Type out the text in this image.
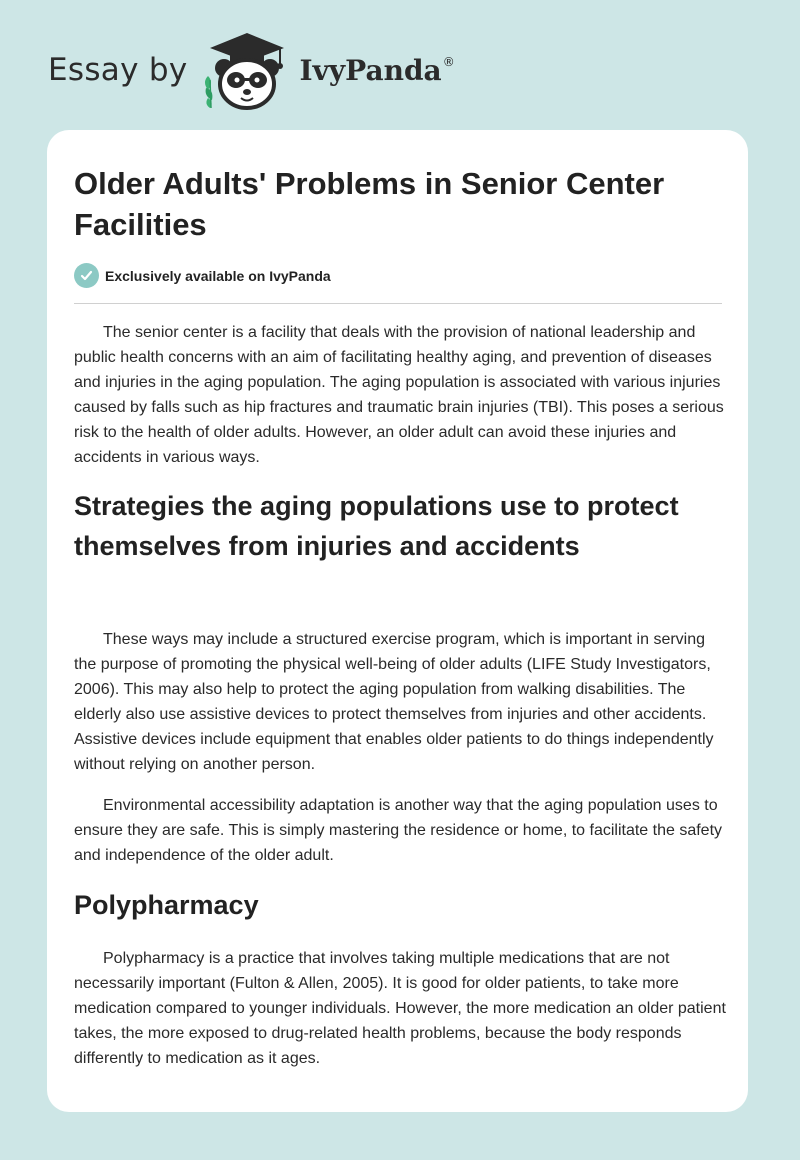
Essay by	IvyPanda ®
Older Adults' Problems in Senior Center Facilities
Exclusively available on IvyPanda

The senior center is a facility that deals with the provision of national leadership and public health concerns with an aim of facilitating healthy aging, and prevention of diseases and injuries in the aging population. The aging population is associated with various injuries caused by falls such as hip fractures and traumatic brain injuries (TBI). This poses a serious risk to the health of older adults. However, an older adult can avoid these injuries and accidents in various ways.

Strategies the aging populations use to protect themselves from injuries and accidents

These ways may include a structured exercise program, which is important in serving the purpose of promoting the physical well-being of older adults (LIFE Study Investigators, 2006). This may also help to protect the aging population from walking disabilities. The elderly also use assistive devices to protect themselves from injuries and other accidents. Assistive devices include equipment that enables older patients to do things independently without relying on another person.

Environmental accessibility adaptation is another way that the aging population uses to ensure they are safe. This is simply mastering the residence or home, to facilitate the safety and independence of the older adult.

Polypharmacy

Polypharmacy is a practice that involves taking multiple medications that are not necessarily important (Fulton & Allen, 2005). It is good for older patients, to take more medication compared to younger individuals. However, the more medication an older patient takes, the more exposed to drug-related health problems, because the body responds differently to medication as it ages.
